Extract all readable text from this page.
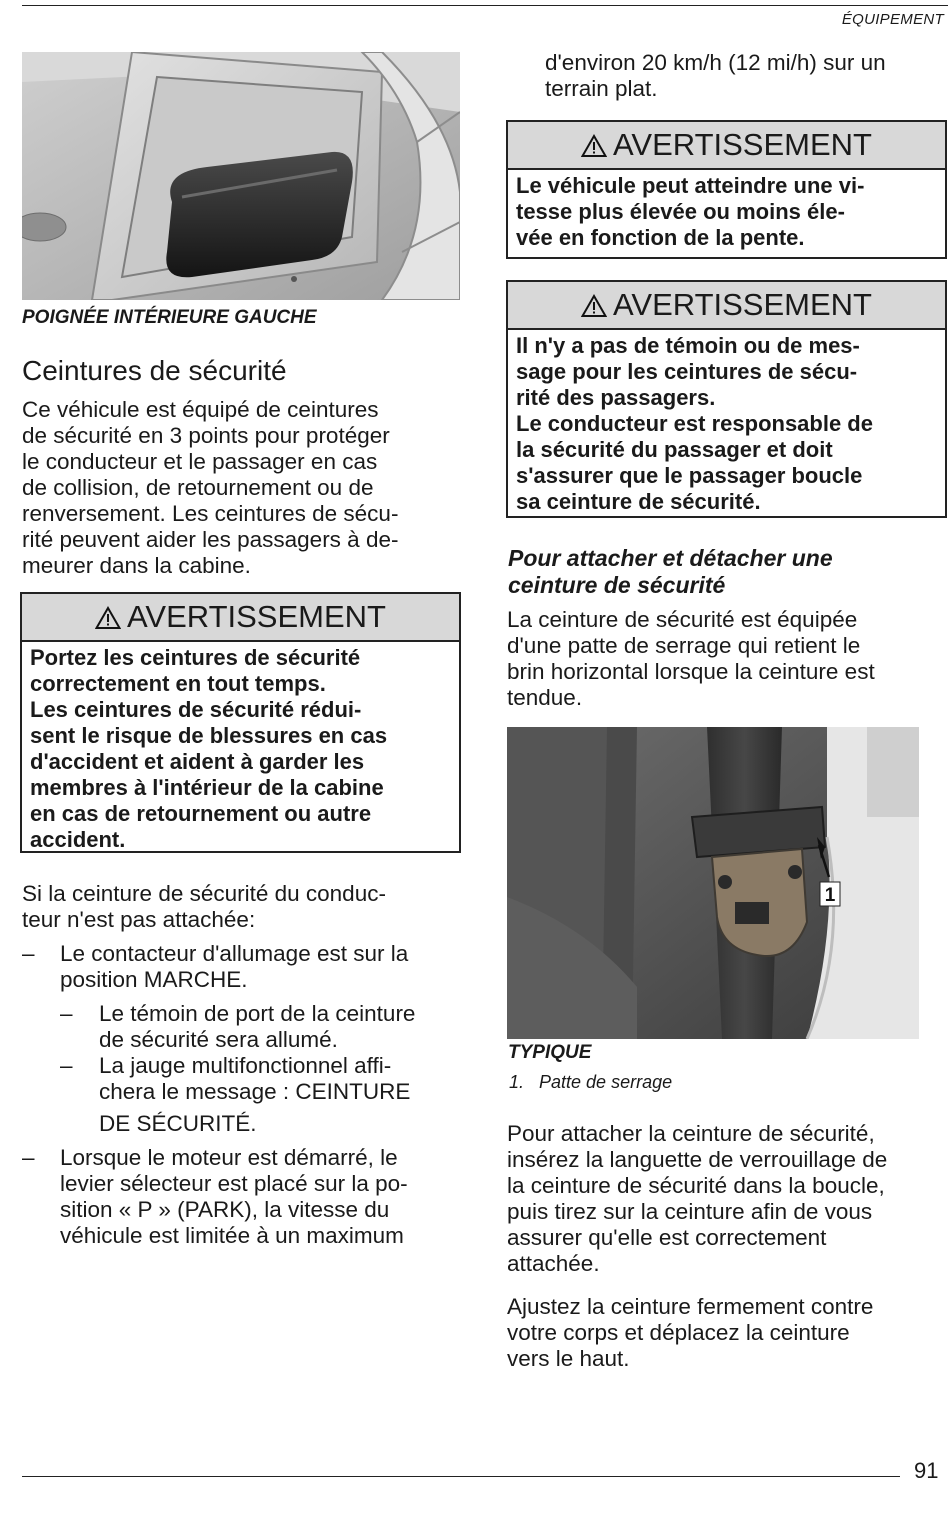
ÉQUIPEMENT
POIGNÉE INTÉRIEURE GAUCHE
Ceintures de sécurité
Ce véhicule est équipé de ceintures
de sécurité en 3 points pour protéger
le conducteur et le passager en cas
de collision, de retournement ou de
renversement. Les ceintures de sécu-
rité peuvent aider les passagers à de-
meurer dans la cabine.
AVERTISSEMENT
Portez les ceintures de sécurité
correctement en tout temps.
Les ceintures de sécurité rédui-
sent le risque de blessures en cas
d'accident et aident à garder les
membres à l'intérieur de la cabine
en cas de retournement ou autre
accident.
Si la ceinture de sécurité du conduc-
teur n'est pas attachée:
– Le contacteur d'allumage est sur la
position MARCHE.
– Le témoin de port de la ceinture
de sécurité sera allumé.
– La jauge multifonctionnel affi-
chera le message : CEINTURE
DE SÉCURITÉ.
– Lorsque le moteur est démarré, le
levier sélecteur est placé sur la po-
sition « P » (PARK), la vitesse du
véhicule est limitée à un maximum
d'environ 20 km/h (12 mi/h) sur un
terrain plat.
AVERTISSEMENT
Le véhicule peut atteindre une vi-
tesse plus élevée ou moins éle-
vée en fonction de la pente.
AVERTISSEMENT
Il n'y a pas de témoin ou de mes-
sage pour les ceintures de sécu-
rité des passagers.
Le conducteur est responsable de
la sécurité du passager et doit
s'assurer que le passager boucle
sa ceinture de sécurité.
Pour attacher et détacher une
ceinture de sécurité
La ceinture de sécurité est équipée
d'une patte de serrage qui retient le
brin horizontal lorsque la ceinture est
tendue.
1
TYPIQUE
1.   Patte de serrage
Pour attacher la ceinture de sécurité,
insérez la languette de verrouillage de
la ceinture de sécurité dans la boucle,
puis tirez sur la ceinture afin de vous
assurer qu'elle est correctement
attachée.
Ajustez la ceinture fermement contre
votre corps et déplacez la ceinture
vers le haut.
91
